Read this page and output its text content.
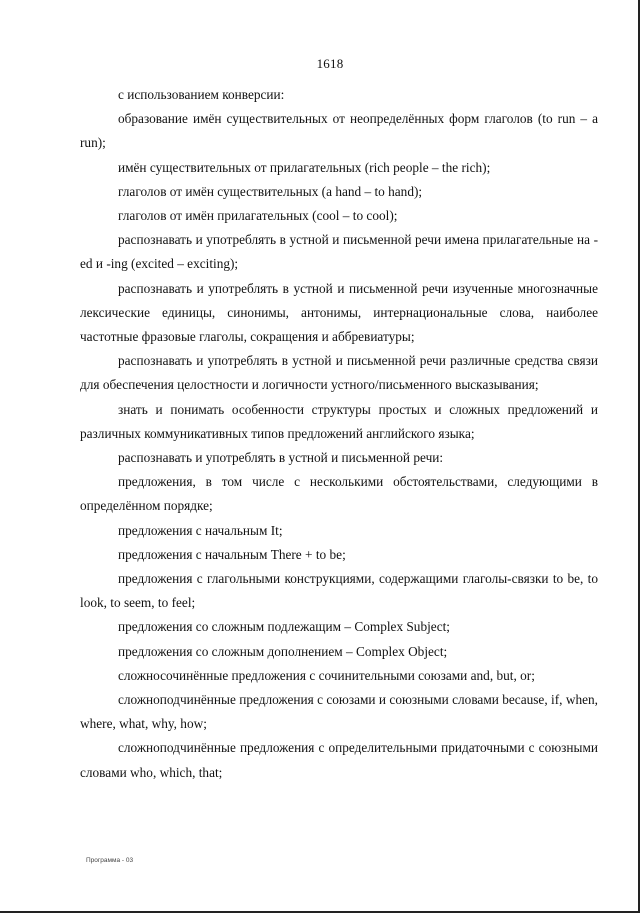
1618

с использованием конверсии:

образование имён существительных от неопределённых форм глаголов (to run – a run);

имён существительных от прилагательных (rich people – the rich);

глаголов от имён существительных (a hand – to hand);

глаголов от имён прилагательных (cool – to cool);

распознавать и употреблять в устной и письменной речи имена прилагательные на -ed и -ing (excited – exciting);

распознавать и употреблять в устной и письменной речи изученные многозначные лексические единицы, синонимы, антонимы, интернациональные слова, наиболее частотные фразовые глаголы, сокращения и аббревиатуры;

распознавать и употреблять в устной и письменной речи различные средства связи для обеспечения целостности и логичности устного/письменного высказывания;

знать и понимать особенности структуры простых и сложных предложений и различных коммуникативных типов предложений английского языка;

распознавать и употреблять в устной и письменной речи:

предложения, в том числе с несколькими обстоятельствами, следующими в определённом порядке;

предложения с начальным It;

предложения с начальным There + to be;

предложения с глагольными конструкциями, содержащими глаголы-связки to be, to look, to seem, to feel;

предложения со сложным подлежащим – Complex Subject;

предложения со сложным дополнением – Complex Object;

сложносочинённые предложения с сочинительными союзами and, but, or;

сложноподчинённые предложения с союзами и союзными словами because, if, when, where, what, why, how;

сложноподчинённые предложения с определительными придаточными с союзными словами who, which, that;

Программа - 03
